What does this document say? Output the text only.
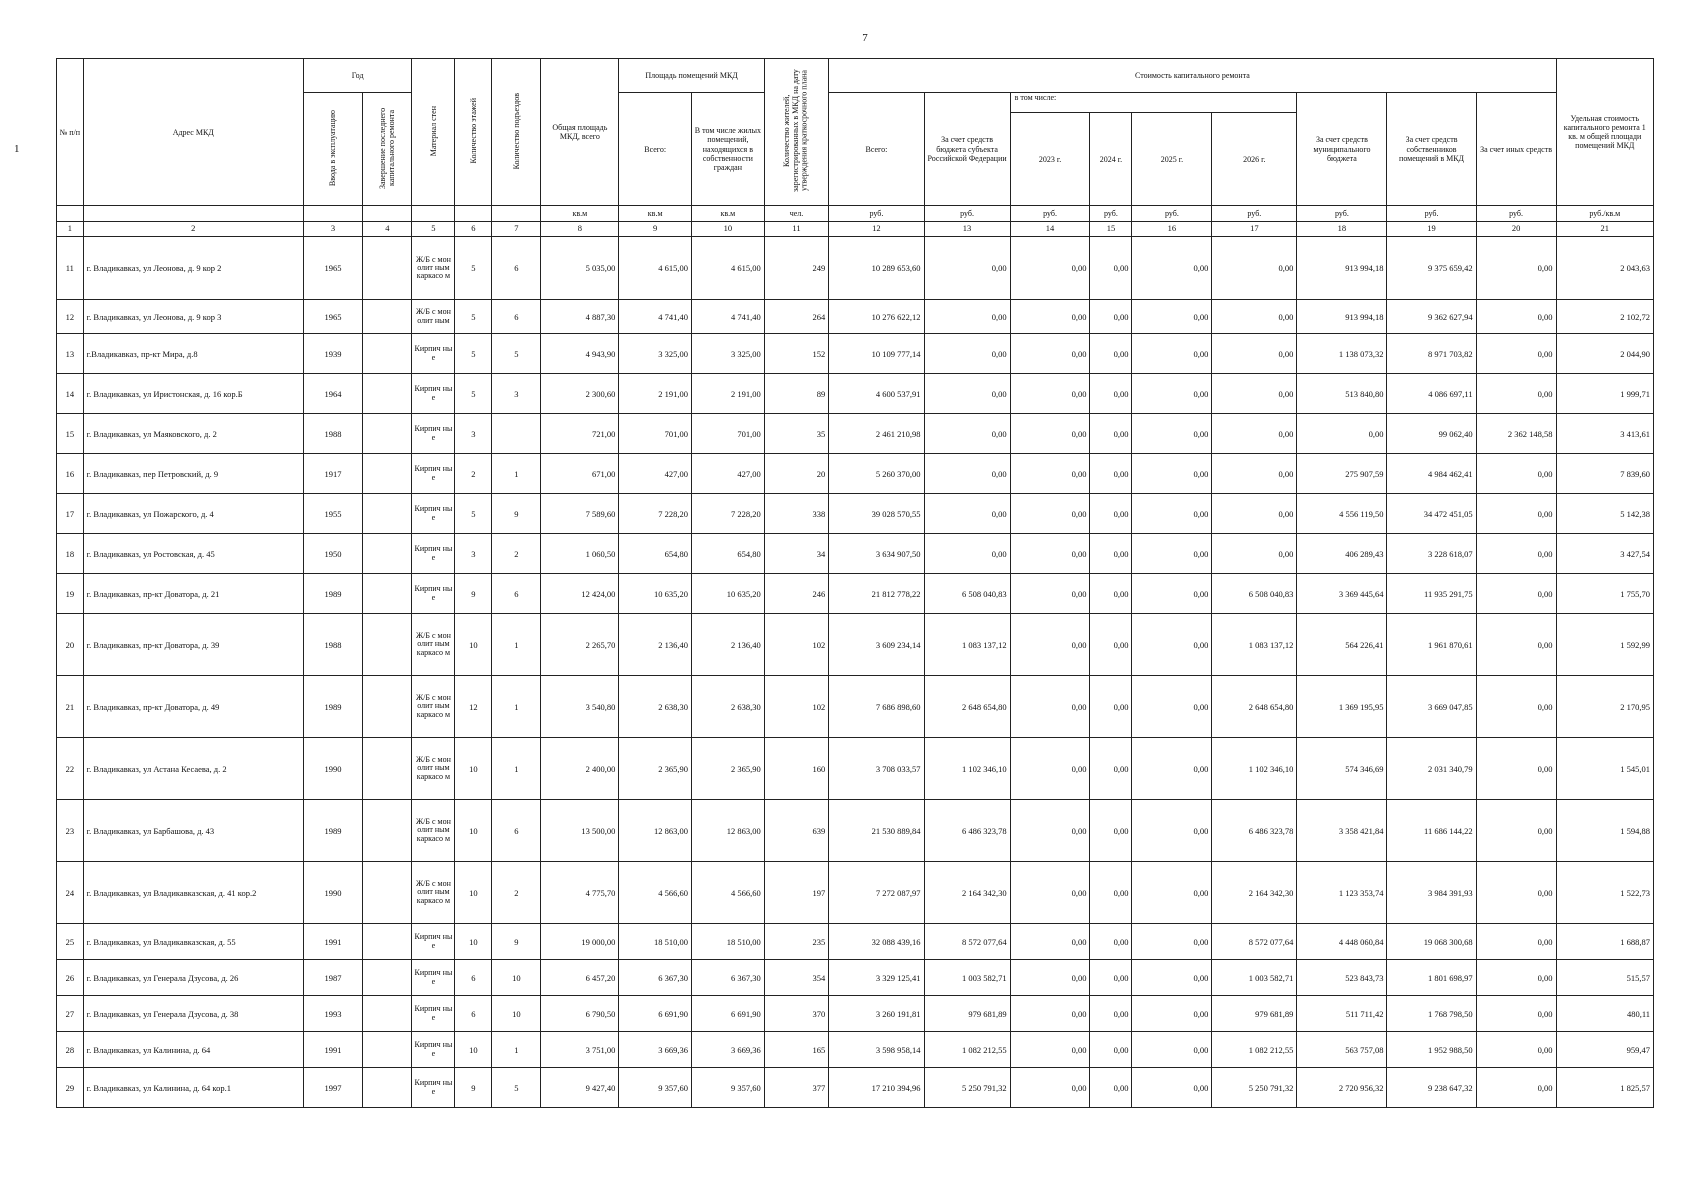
7
1
№ п/п	Адрес МКД	Год		Материал стен	Количество этажей	Количество подъездов	Общая площадь МКД, всего	Площадь помещений МКД		Количество жителей, зарегистрированных в МКД на дату утверждения краткосрочного плана	Стоимость капитального ремонта									Удельная стоимость капитального ремонта 1 кв. м общей площади помещений МКД
		Ввода в эксплуатацию	Завершение последнего капитального ремонта					Всего:	В том числе жилых помещений, находящихся в собственности граждан		Всего:	За счет средств бюджета субъекта Российской Федерации	в том числе:				За счет средств муниципального бюджета	За счет средств собственников помещений в МКД	За счет иных средств	
													2023 г.	2024 г.	2025 г.	2026 г.				
							кв.м	кв.м	кв.м	чел.	руб.	руб.	руб.	руб.	руб.	руб.	руб.	руб.	руб.	руб./кв.м
1	2	3	4	5	6	7	8	9	10	11	12	13	14	15	16	17	18	19	20	21
11	г. Владикавказ, ул Леонова, д. 9 кор 2	1965		Ж/Б с монолит ным каркасо м	5	6	5 035,00	4 615,00	4 615,00	249	10 289 653,60	0,00	0,00	0,00	0,00	0,00	913 994,18	9 375 659,42	0,00	2 043,63
12	г. Владикавказ, ул Леонова, д. 9 кор 3	1965		Ж/Б с монолит ным	5	6	4 887,30	4 741,40	4 741,40	264	10 276 622,12	0,00	0,00	0,00	0,00	0,00	913 994,18	9 362 627,94	0,00	2 102,72
13	г.Владикавказ, пр-кт Мира, д.8	1939		Кирпич ные	5	5	4 943,90	3 325,00	3 325,00	152	10 109 777,14	0,00	0,00	0,00	0,00	0,00	1 138 073,32	8 971 703,82	0,00	2 044,90
14	г. Владикавказ, ул Иристонская, д. 16 кор.Б	1964		Кирпич ные	5	3	2 300,60	2 191,00	2 191,00	89	4 600 537,91	0,00	0,00	0,00	0,00	0,00	513 840,80	4 086 697,11	0,00	1 999,71
15	г. Владикавказ, ул Маяковского, д. 2	1988		Кирпич ные	3		721,00	701,00	701,00	35	2 461 210,98	0,00	0,00	0,00	0,00	0,00	0,00	99 062,40	2 362 148,58	3 413,61
16	г. Владикавказ, пер Петровский, д. 9	1917		Кирпич ные	2	1	671,00	427,00	427,00	20	5 260 370,00	0,00	0,00	0,00	0,00	0,00	275 907,59	4 984 462,41	0,00	7 839,60
17	г. Владикавказ, ул Пожарского, д. 4	1955		Кирпич ные	5	9	7 589,60	7 228,20	7 228,20	338	39 028 570,55	0,00	0,00	0,00	0,00	0,00	4 556 119,50	34 472 451,05	0,00	5 142,38
18	г. Владикавказ, ул Ростовская, д. 45	1950		Кирпич ные	3	2	1 060,50	654,80	654,80	34	3 634 907,50	0,00	0,00	0,00	0,00	0,00	406 289,43	3 228 618,07	0,00	3 427,54
19	г. Владикавказ, пр-кт Доватора, д. 21	1989		Кирпич ные	9	6	12 424,00	10 635,20	10 635,20	246	21 812 778,22	6 508 040,83	0,00	0,00	0,00	6 508 040,83	3 369 445,64	11 935 291,75	0,00	1 755,70
20	г. Владикавказ, пр-кт Доватора, д. 39	1988		Ж/Б с монолит ным каркасо м	10	1	2 265,70	2 136,40	2 136,40	102	3 609 234,14	1 083 137,12	0,00	0,00	0,00	1 083 137,12	564 226,41	1 961 870,61	0,00	1 592,99
21	г. Владикавказ, пр-кт Доватора, д. 49	1989		Ж/Б с монолит ным каркасо м	12	1	3 540,80	2 638,30	2 638,30	102	7 686 898,60	2 648 654,80	0,00	0,00	0,00	2 648 654,80	1 369 195,95	3 669 047,85	0,00	2 170,95
22	г. Владикавказ, ул Астана Кесаева, д. 2	1990		Ж/Б с монолит ным каркасо м	10	1	2 400,00	2 365,90	2 365,90	160	3 708 033,57	1 102 346,10	0,00	0,00	0,00	1 102 346,10	574 346,69	2 031 340,79	0,00	1 545,01
23	г. Владикавказ, ул Барбашова, д. 43	1989		Ж/Б с монолит ным каркасо м	10	6	13 500,00	12 863,00	12 863,00	639	21 530 889,84	6 486 323,78	0,00	0,00	0,00	6 486 323,78	3 358 421,84	11 686 144,22	0,00	1 594,88
24	г. Владикавказ, ул Владикавказская, д. 41 кор.2	1990		Ж/Б с монолит ным каркасо м	10	2	4 775,70	4 566,60	4 566,60	197	7 272 087,97	2 164 342,30	0,00	0,00	0,00	2 164 342,30	1 123 353,74	3 984 391,93	0,00	1 522,73
25	г. Владикавказ, ул Владикавказская, д. 55	1991		Кирпич ные	10	9	19 000,00	18 510,00	18 510,00	235	32 088 439,16	8 572 077,64	0,00	0,00	0,00	8 572 077,64	4 448 060,84	19 068 300,68	0,00	1 688,87
26	г. Владикавказ, ул Генерала Дзусова, д. 26	1987		Кирпич ные	6	10	6 457,20	6 367,30	6 367,30	354	3 329 125,41	1 003 582,71	0,00	0,00	0,00	1 003 582,71	523 843,73	1 801 698,97	0,00	515,57
27	г. Владикавказ, ул Генерала Дзусова, д. 38	1993		Кирпич ные	6	10	6 790,50	6 691,90	6 691,90	370	3 260 191,81	979 681,89	0,00	0,00	0,00	979 681,89	511 711,42	1 768 798,50	0,00	480,11
28	г. Владикавказ, ул Калинина, д. 64	1991		Кирпич ные	10	1	3 751,00	3 669,36	3 669,36	165	3 598 958,14	1 082 212,55	0,00	0,00	0,00	1 082 212,55	563 757,08	1 952 988,50	0,00	959,47
29	г. Владикавказ, ул Калинина, д. 64 кор.1	1997		Кирпич ные	9	5	9 427,40	9 357,60	9 357,60	377	17 210 394,96	5 250 791,32	0,00	0,00	0,00	5 250 791,32	2 720 956,32	9 238 647,32	0,00	1 825,57
